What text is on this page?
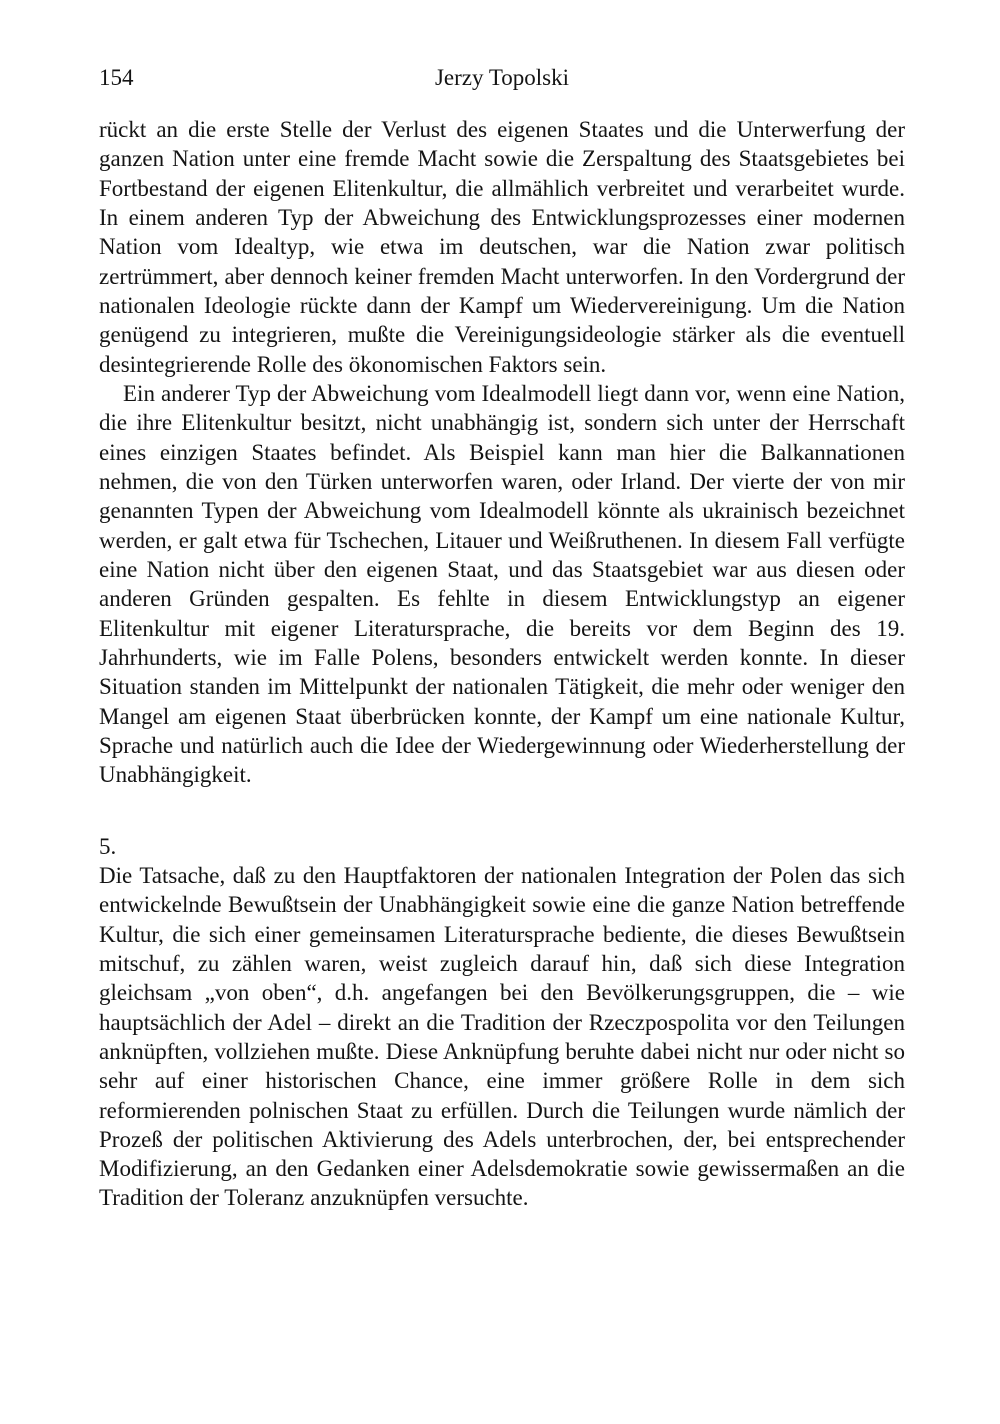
154	Jerzy Topolski

rückt an die erste Stelle der Verlust des eigenen Staates und die Unterwerfung der ganzen Nation unter eine fremde Macht sowie die Zerspaltung des Staatsgebietes bei Fortbestand der eigenen Elitenkultur, die allmählich verbreitet und verarbeitet wurde. In einem anderen Typ der Abweichung des Entwicklungsprozesses einer modernen Nation vom Idealtyp, wie etwa im deutschen, war die Nation zwar politisch zertrümmert, aber dennoch keiner fremden Macht unterworfen. In den Vordergrund der nationalen Ideologie rückte dann der Kampf um Wiedervereinigung. Um die Nation genügend zu integrieren, mußte die Vereinigungsideologie stärker als die eventuell desintegrierende Rolle des ökonomischen Faktors sein.

Ein anderer Typ der Abweichung vom Idealmodell liegt dann vor, wenn eine Nation, die ihre Elitenkultur besitzt, nicht unabhängig ist, sondern sich unter der Herrschaft eines einzigen Staates befindet. Als Beispiel kann man hier die Balkannationen nehmen, die von den Türken unterworfen waren, oder Irland. Der vierte der von mir genannten Typen der Abweichung vom Idealmodell könnte als ukrainisch bezeichnet werden, er galt etwa für Tschechen, Litauer und Weißruthenen. In diesem Fall verfügte eine Nation nicht über den eigenen Staat, und das Staatsgebiet war aus diesen oder anderen Gründen gespalten. Es fehlte in diesem Entwicklungstyp an eigener Elitenkultur mit eigener Literatursprache, die bereits vor dem Beginn des 19. Jahrhunderts, wie im Falle Polens, besonders entwickelt werden konnte. In dieser Situation standen im Mittelpunkt der nationalen Tätigkeit, die mehr oder weniger den Mangel am eigenen Staat überbrücken konnte, der Kampf um eine nationale Kultur, Sprache und natürlich auch die Idee der Wiedergewinnung oder Wiederherstellung der Unabhängigkeit.

5.

Die Tatsache, daß zu den Hauptfaktoren der nationalen Integration der Polen das sich entwickelnde Bewußtsein der Unabhängigkeit sowie eine die ganze Nation betreffende Kultur, die sich einer gemeinsamen Literatursprache bediente, die dieses Bewußtsein mitschuf, zu zählen waren, weist zugleich darauf hin, daß sich diese Integration gleichsam „von oben“, d.h. angefangen bei den Bevölkerungsgruppen, die – wie hauptsächlich der Adel – direkt an die Tradition der Rzeczpospolita vor den Teilungen anknüpften, vollziehen mußte. Diese Anknüpfung beruhte dabei nicht nur oder nicht so sehr auf einer historischen Chance, eine immer größere Rolle in dem sich reformierenden polnischen Staat zu erfüllen. Durch die Teilungen wurde nämlich der Prozeß der politischen Aktivierung des Adels unterbrochen, der, bei entsprechender Modifizierung, an den Gedanken einer Adelsdemokratie sowie gewissermaßen an die Tradition der Toleranz anzuknüpfen versuchte.
